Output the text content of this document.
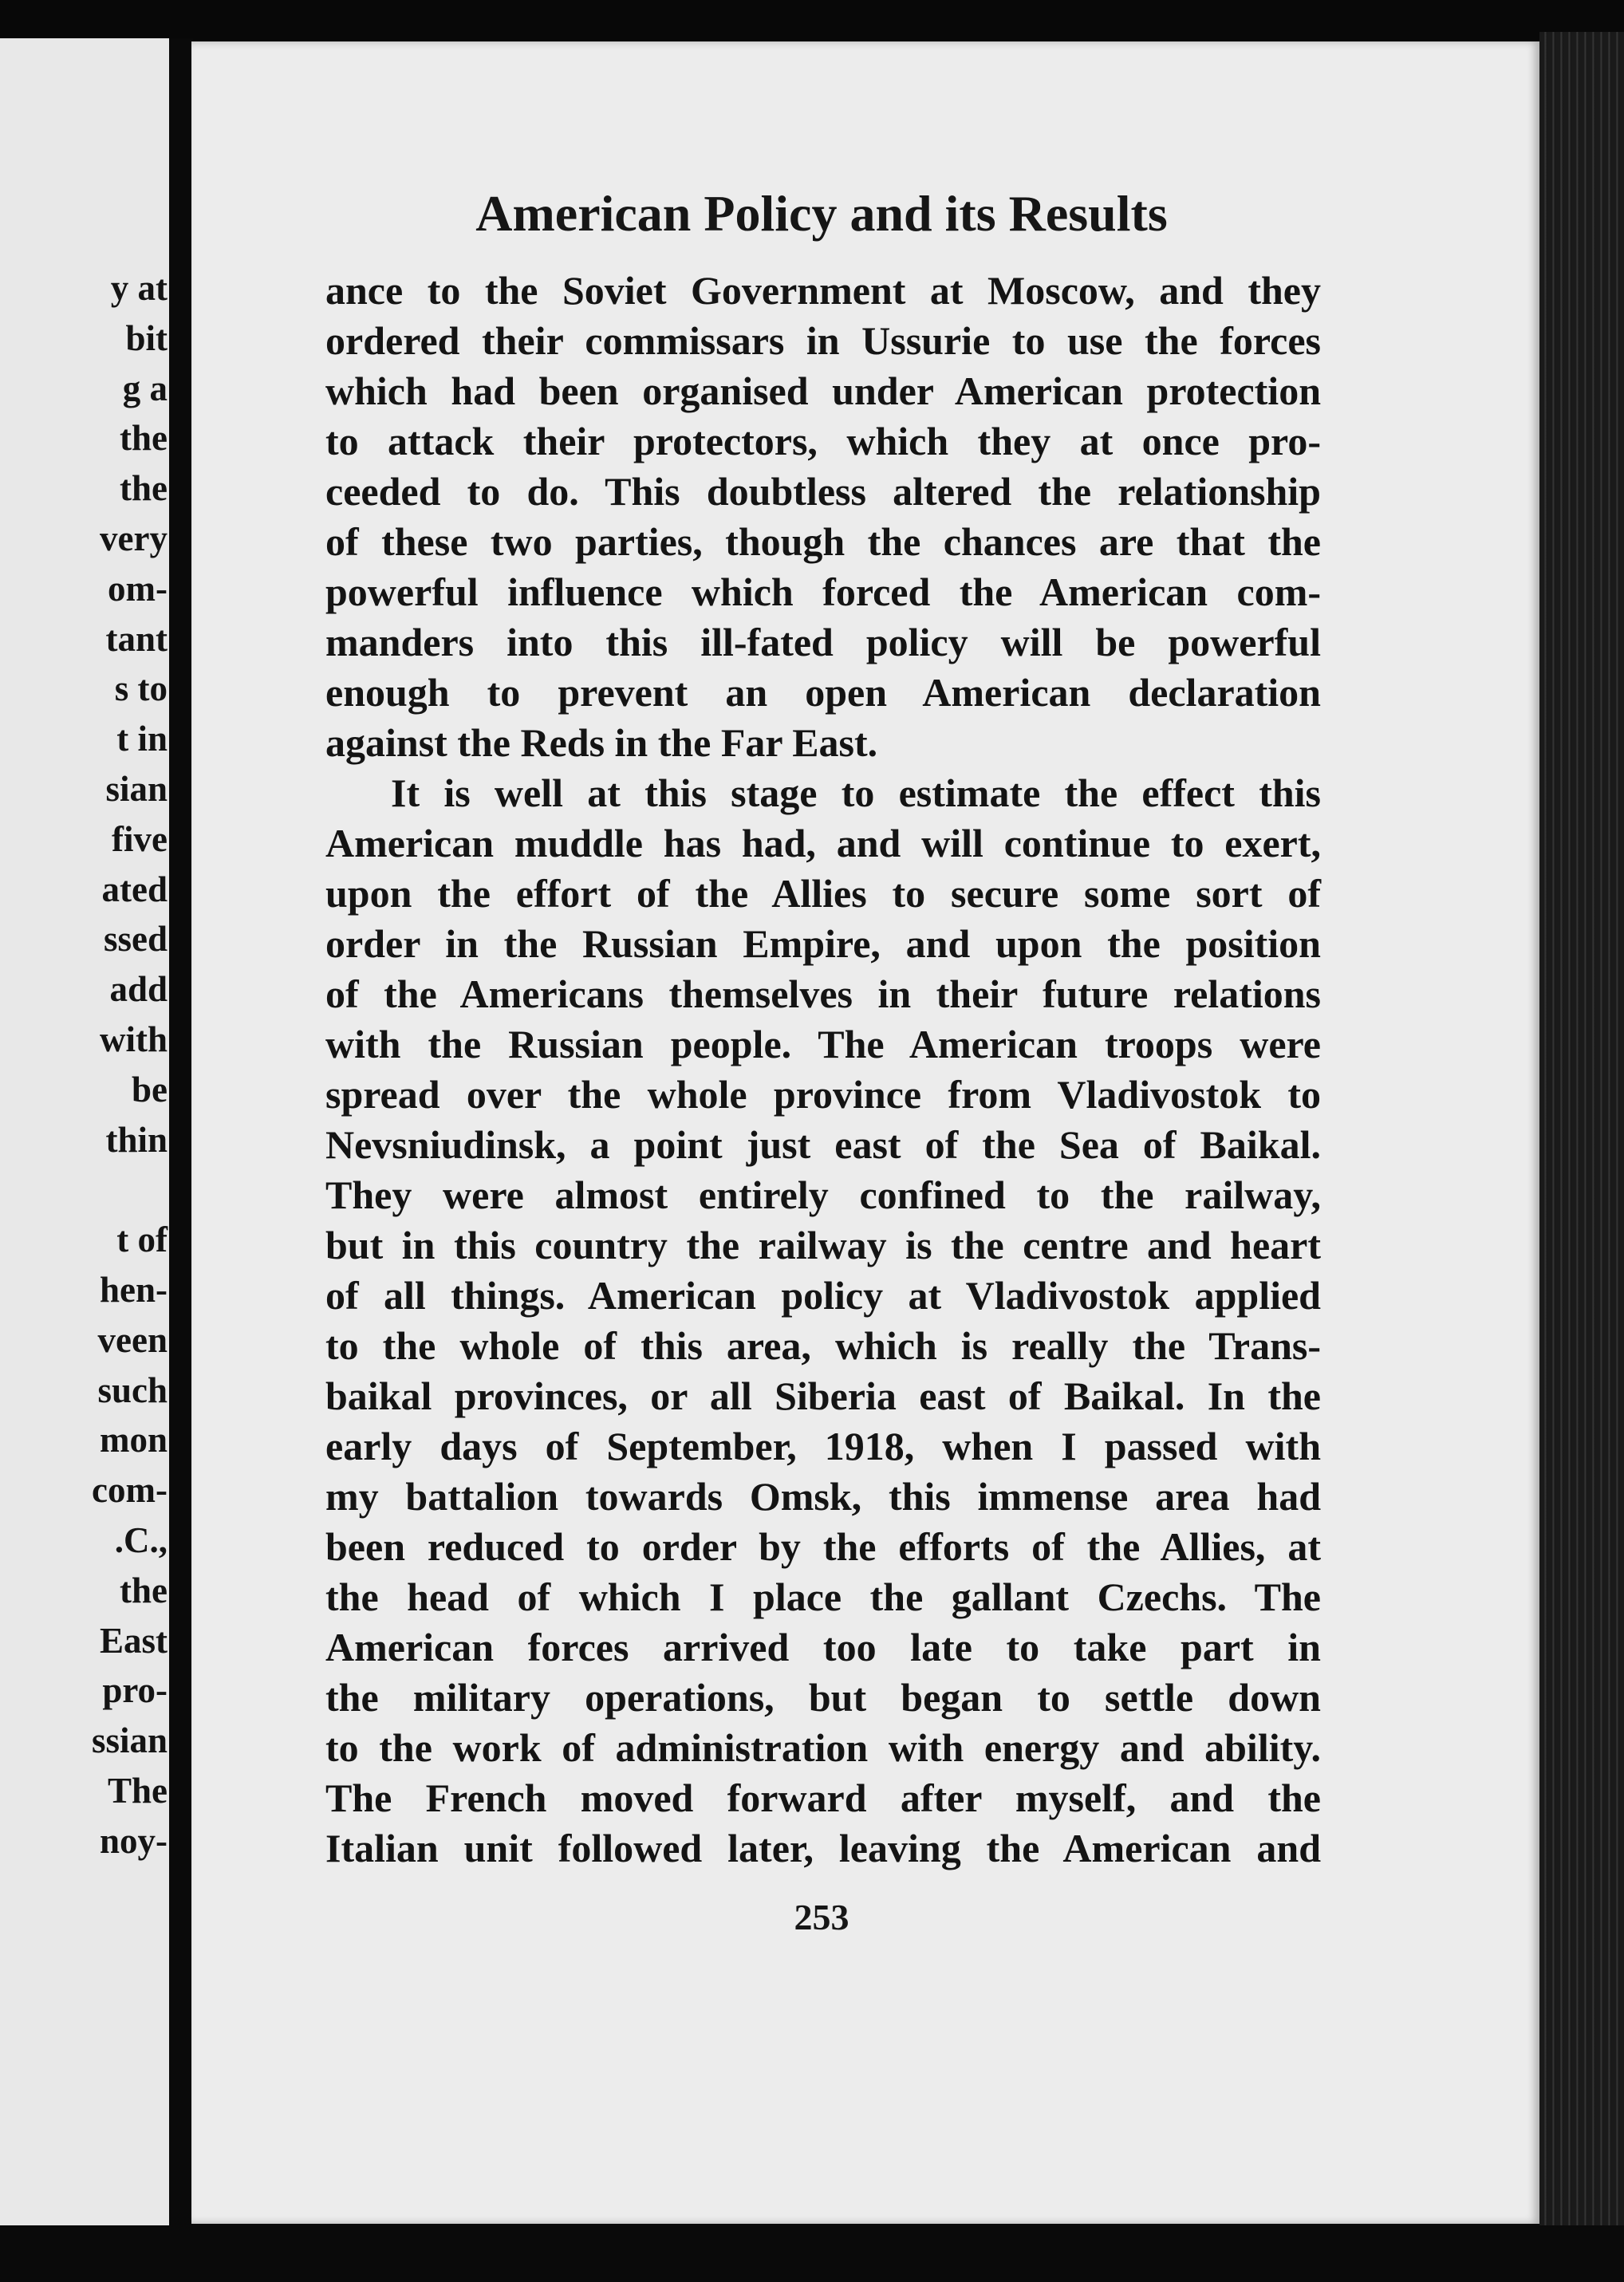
y at
bit
g a
the
the
very
om-
tant
s to
t in
sian
five
ated
ssed
add
with
be
thin
t of
hen-
veen
such
mon
com-
.C.,
the
East
pro-
ssian
The
noy-
American Policy and its Results
ance to the Soviet Government at Moscow, and they
ordered their commissars in Ussurie to use the forces
which had been organised under American protection
to attack their protectors, which they at once pro-
ceeded to do. This doubtless altered the relationship
of these two parties, though the chances are that the
powerful influence which forced the American com-
manders into this ill-fated policy will be powerful
enough to prevent an open American declaration
against the Reds in the Far East.
It is well at this stage to estimate the effect this
American muddle has had, and will continue to exert,
upon the effort of the Allies to secure some sort of
order in the Russian Empire, and upon the position
of the Americans themselves in their future relations
with the Russian people. The American troops were
spread over the whole province from Vladivostok to
Nevsniudinsk, a point just east of the Sea of Baikal.
They were almost entirely confined to the railway,
but in this country the railway is the centre and heart
of all things. American policy at Vladivostok applied
to the whole of this area, which is really the Trans-
baikal provinces, or all Siberia east of Baikal. In the
early days of September, 1918, when I passed with
my battalion towards Omsk, this immense area had
been reduced to order by the efforts of the Allies, at
the head of which I place the gallant Czechs. The
American forces arrived too late to take part in
the military operations, but began to settle down
to the work of administration with energy and ability.
The French moved forward after myself, and the
Italian unit followed later, leaving the American and
253
